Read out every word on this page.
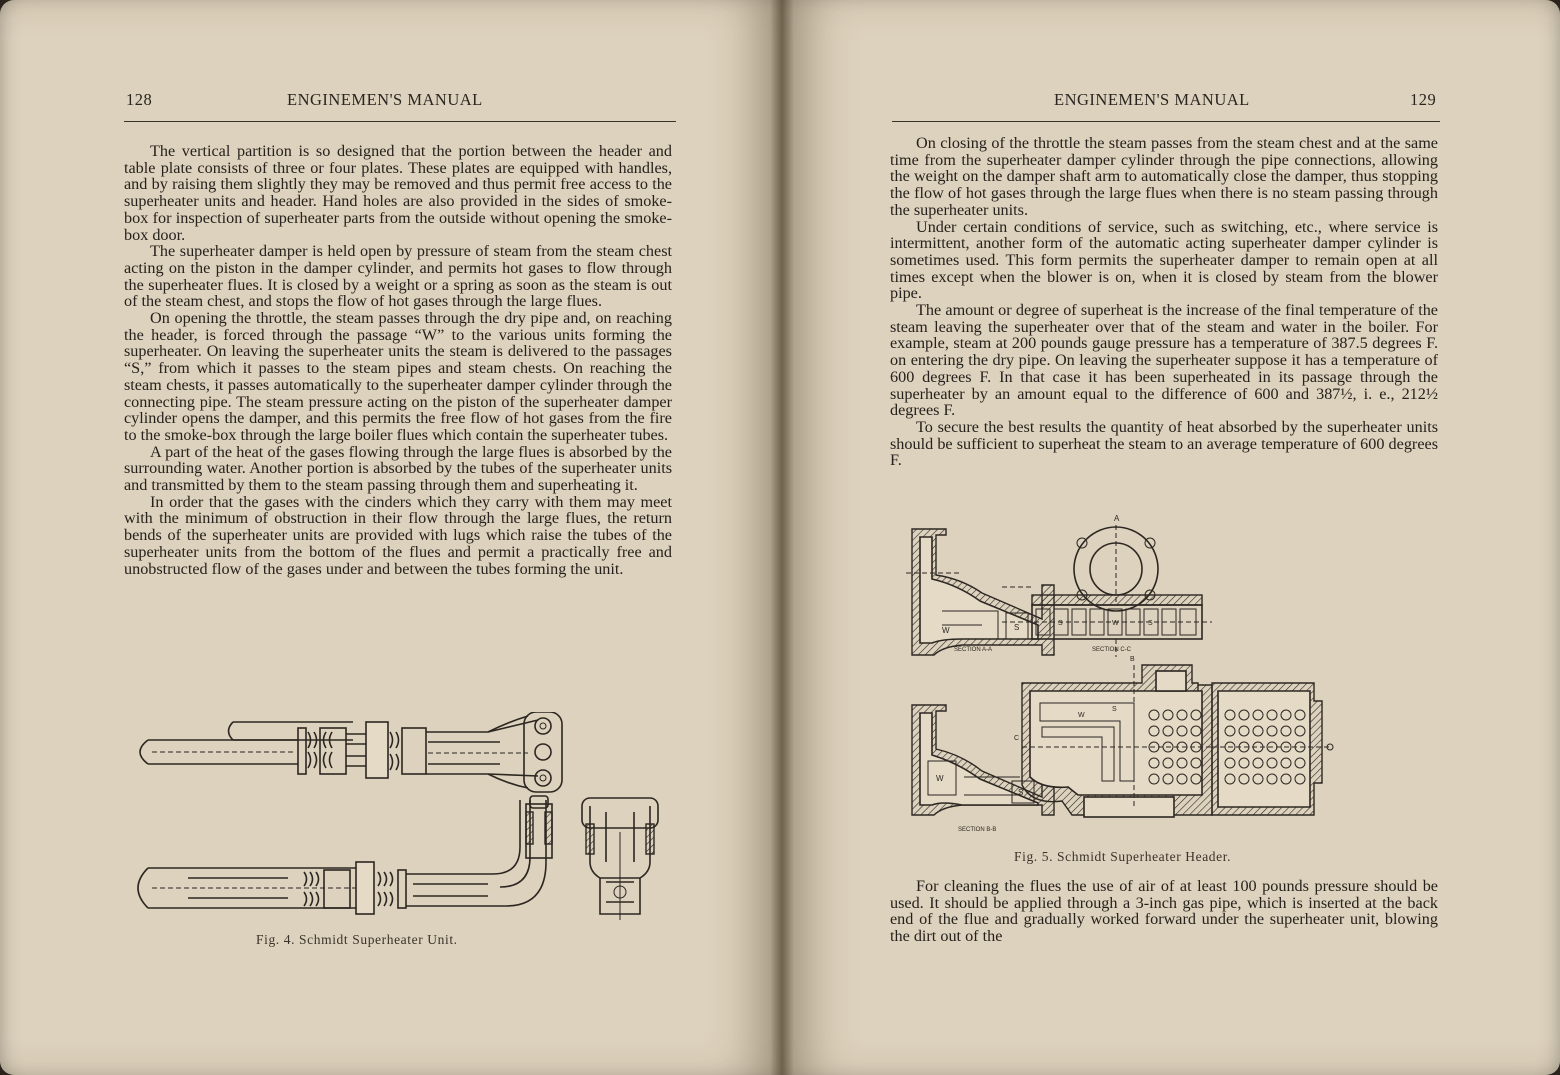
128	ENGINEMEN'S MANUAL

The vertical partition is so designed that the portion between the header and table plate consists of three or four plates. These plates are equipped with handles, and by raising them slightly they may be removed and thus permit free access to the superheater units and header. Hand holes are also provided in the sides of smoke-box for inspection of superheater parts from the outside without opening the smoke-box door.

The superheater damper is held open by pressure of steam from the steam chest acting on the piston in the damper cylinder, and permits hot gases to flow through the superheater flues. It is closed by a weight or a spring as soon as the steam is out of the steam chest, and stops the flow of hot gases through the large flues.

On opening the throttle, the steam passes through the dry pipe and, on reaching the header, is forced through the passage “W” to the various units forming the superheater. On leaving the superheater units the steam is delivered to the passages “S,” from which it passes to the steam pipes and steam chests. On reaching the steam chests, it passes automatically to the superheater damper cylinder through the connecting pipe. The steam pressure acting on the piston of the superheater damper cylinder opens the damper, and this permits the free flow of hot gases from the fire to the smoke-box through the large boiler flues which contain the superheater tubes.

A part of the heat of the gases flowing through the large flues is absorbed by the surrounding water. Another portion is absorbed by the tubes of the superheater units and transmitted by them to the steam passing through them and superheating it.

In order that the gases with the cinders which they carry with them may meet with the minimum of obstruction in their flow through the large flues, the return bends of the superheater units are provided with lugs which raise the tubes of the superheater units from the bottom of the flues and permit a practically free and unobstructed flow of the gases under and between the tubes forming the unit.

Fig. 4. Schmidt Superheater Unit.
ENGINEMEN'S MANUAL	129

On closing of the throttle the steam passes from the steam chest and at the same time from the superheater damper cylinder through the pipe connections, allowing the weight on the damper shaft arm to automatically close the damper, thus stopping the flow of hot gases through the large flues when there is no steam passing through the superheater units.

Under certain conditions of service, such as switching, etc., where service is intermittent, another form of the automatic acting superheater damper cylinder is sometimes used. This form permits the superheater damper to remain open at all times except when the blower is on, when it is closed by steam from the blower pipe.

The amount or degree of superheat is the increase of the final temperature of the steam leaving the superheater over that of the steam and water in the boiler. For example, steam at 200 pounds gauge pressure has a temperature of 387.5 degrees F. on entering the dry pipe. On leaving the superheater suppose it has a temperature of 600 degrees F. In that case it has been superheated in its passage through the superheater by an amount equal to the difference of 600 and 387½, i. e., 212½ degrees F.

To secure the best results the quantity of heat absorbed by the superheater units should be sufficient to superheat the steam to an average temperature of 600 degrees F.

W	S
SECTION A-A
A
S	W	S
SECTION C-C
W
S
SECTION B-B
B
C
W
S
Fig. 5. Schmidt Superheater Header.

For cleaning the flues the use of air of at least 100 pounds pressure should be used. It should be applied through a 3-inch gas pipe, which is inserted at the back end of the flue and gradually worked forward under the superheater unit, blowing the dirt out of the
